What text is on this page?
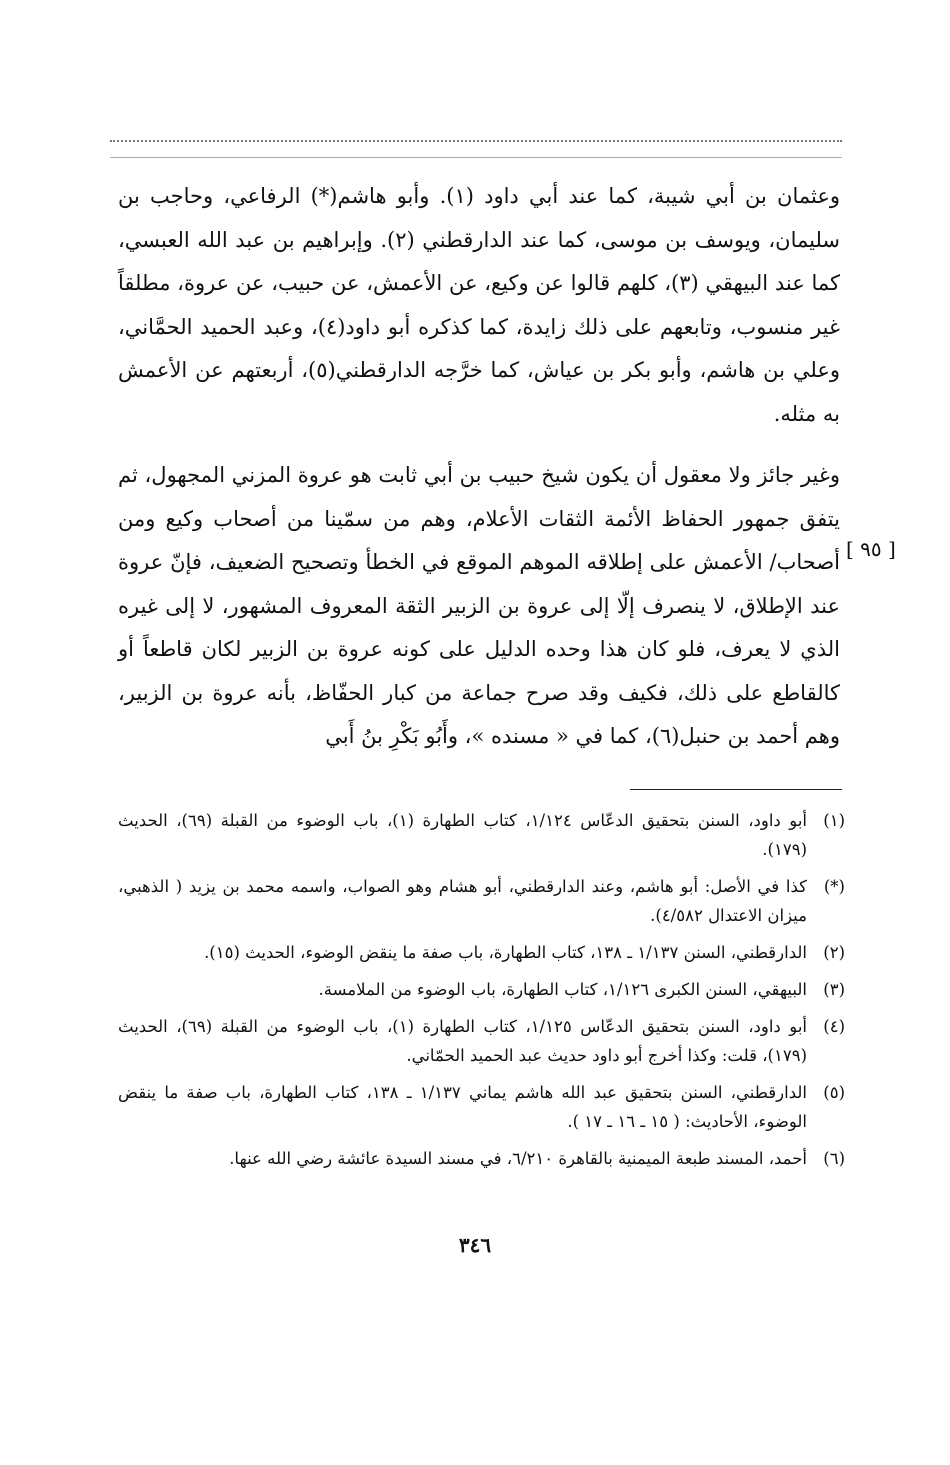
[ ٩٥ ]

وعثمان بن أبي شيبة، كما عند أبي داود (١). وأبو هاشم(*) الرفاعي، وحاجب بن سليمان، ويوسف بن موسى، كما عند الدارقطني (٢). وإبراهيم بن عبد الله العبسي، كما عند البيهقي (٣)، كلهم قالوا عن وكيع، عن الأعمش، عن حبيب، عن عروة، مطلقاً غير منسوب، وتابعهم على ذلك زايدة، كما كذكره أبو داود(٤)، وعبد الحميد الحمَّاني، وعلي بن هاشم، وأبو بكر بن عياش، كما خرَّجه الدارقطني(٥)، أربعتهم عن الأعمش به مثله.

وغير جائز ولا معقول أن يكون شيخ حبيب بن أبي ثابت هو عروة المزني المجهول، ثم يتفق جمهور الحفاظ الأئمة الثقات الأعلام، وهم من سمّينا من أصحاب وكيع ومن أصحاب/ الأعمش على إطلاقه الموهم الموقع في الخطأ وتصحيح الضعيف، فإنّ عروة عند الإطلاق، لا ينصرف إلّا إلى عروة بن الزبير الثقة المعروف المشهور، لا إلى غيره الذي لا يعرف، فلو كان هذا وحده الدليل على كونه عروة بن الزبير لكان قاطعاً أو كالقاطع على ذلك، فكيف وقد صرح جماعة من كبار الحفّاظ، بأنه عروة بن الزبير، وهم أحمد بن حنبل(٦)، كما في « مسنده »، وأَبُو بَكْرِ بنُ أَبي

(١)
أبو داود، السنن بتحقيق الدعّاس ١/١٢٤، كتاب الطهارة (١)، باب الوضوء من القبلة (٦٩)، الحديث (١٧٩).
(*)
كذا في الأصل: أبو هاشم، وعند الدارقطني، أبو هشام وهو الصواب، واسمه محمد بن يزيد ( الذهبي، ميزان الاعتدال ٤/٥٨٢).
(٢)
الدارقطني، السنن ١/١٣٧ ـ ١٣٨، كتاب الطهارة، باب صفة ما ينقض الوضوء، الحديث (١٥).
(٣)
البيهقي، السنن الكبرى ١/١٢٦، كتاب الطهارة، باب الوضوء من الملامسة.
(٤)
أبو داود، السنن بتحقيق الدعّاس ١/١٢٥، كتاب الطهارة (١)، باب الوضوء من القبلة (٦٩)، الحديث (١٧٩)، قلت: وكذا أخرج أبو داود حديث عبد الحميد الحمّاني.
(٥)
الدارقطني، السنن بتحقيق عبد الله هاشم يماني ١/١٣٧ ـ ١٣٨، كتاب الطهارة، باب صفة ما ينقض الوضوء، الأحاديث: ( ١٥ ـ ١٦ ـ ١٧ ).
(٦)
أحمد، المسند طبعة الميمنية بالقاهرة ٦/٢١٠، في مسند السيدة عائشة رضي الله عنها.
٣٤٦
